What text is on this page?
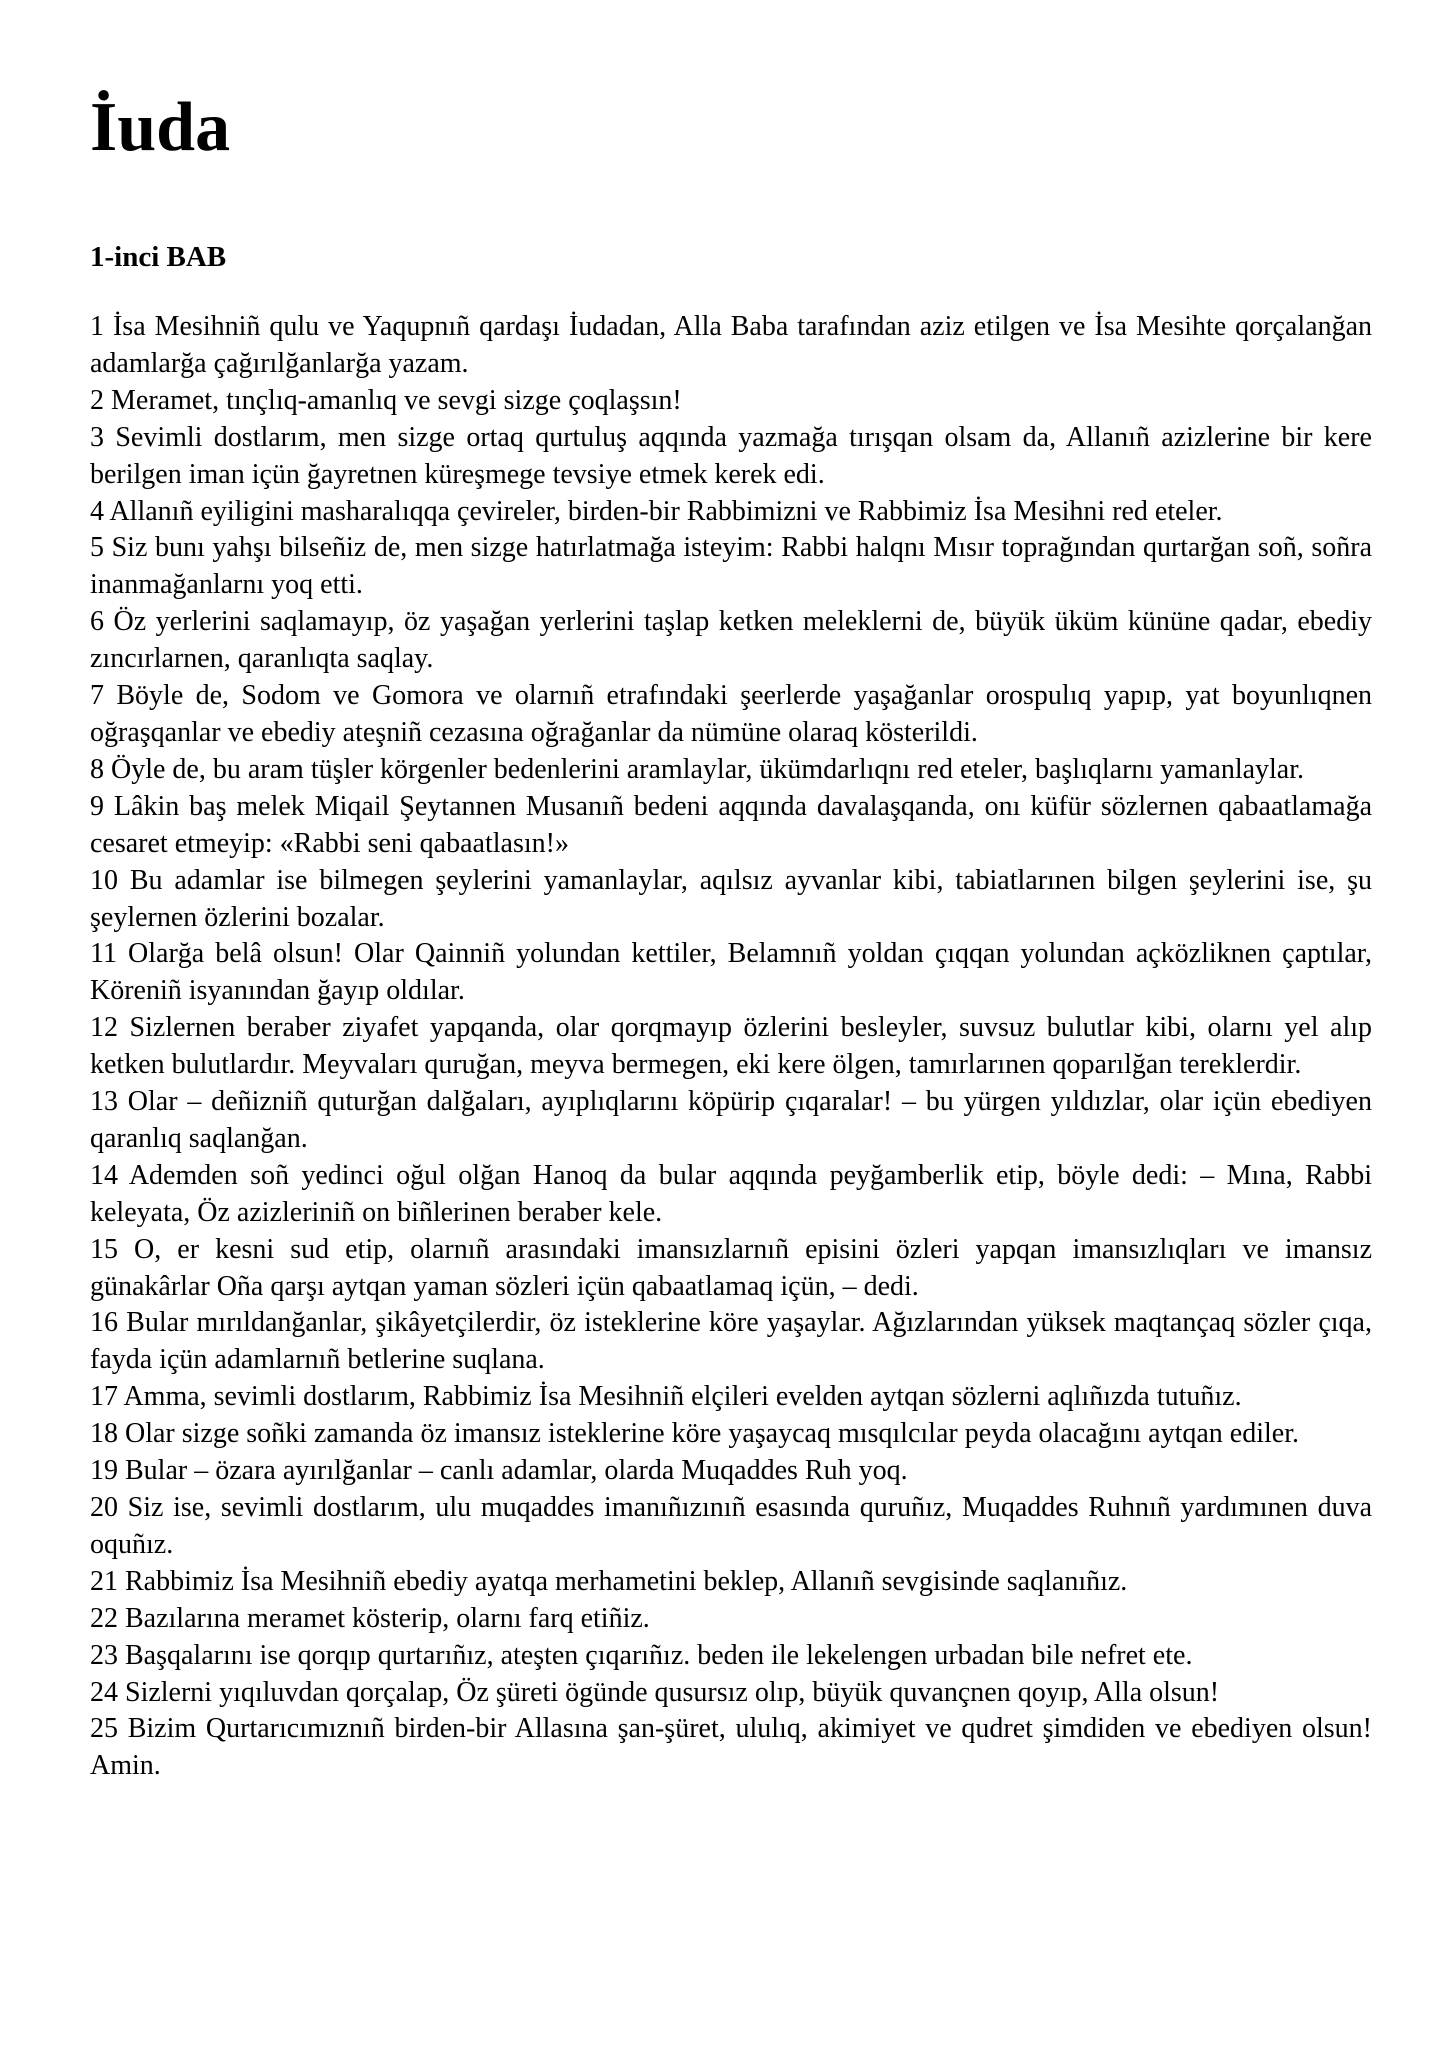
İuda
1-inci BAB

1 İsa Mesihniñ qulu ve Yaqupnıñ qardaşı İudadan, Alla Baba tarafından aziz etilgen ve İsa Mesihte qorçalanğan adamlarğa çağırılğanlarğa yazam.

2 Meramet, tınçlıq-amanlıq ve sevgi sizge çoqlaşsın!

3 Sevimli dostlarım, men sizge ortaq qurtuluş aqqında yazmağa tırışqan olsam da, Allanıñ azizlerine bir kere berilgen iman içün ğayretnen küreşmege tevsiye etmek kerek edi.

4 Allanıñ eyiligini masharalıqqa çevireler, birden-bir Rabbimizni ve Rabbimiz İsa Mesihni red eteler.

5 Siz bunı yahşı bilseñiz de, men sizge hatırlatmağa isteyim: Rabbi halqnı Mısır toprağından qurtarğan soñ, soñra inanmağanlarnı yoq etti.

6 Öz yerlerini saqlamayıp, öz yaşağan yerlerini taşlap ketken meleklerni de, büyük üküm kününe qadar, ebediy zıncırlarnen, qaranlıqta saqlay.

7 Böyle de, Sodom ve Gomora ve olarnıñ etrafındaki şeerlerde yaşağanlar orospulıq yapıp, yat boyunlıqnen oğraşqanlar ve ebediy ateşniñ cezasına oğrağanlar da nümüne olaraq kösterildi.

8 Öyle de, bu aram tüşler körgenler bedenlerini aramlaylar, ükümdarlıqnı red eteler, başlıqlarnı yamanlaylar.

9 Lâkin baş melek Miqail Şeytannen Musanıñ bedeni aqqında davalaşqanda, onı küfür sözlernen qabaatlamağa cesaret etmeyip: «Rabbi seni qabaatlasın!»

10 Bu adamlar ise bilmegen şeylerini yamanlaylar, aqılsız ayvanlar kibi, tabiatlarınen bilgen şeylerini ise, şu şeylernen özlerini bozalar.

11 Olarğa belâ olsun! Olar Qainniñ yolundan kettiler, Belamnıñ yoldan çıqqan yolundan açközliknen çaptılar, Köreniñ isyanından ğayıp oldılar.

12 Sizlernen beraber ziyafet yapqanda, olar qorqmayıp özlerini besleyler, suvsuz bulutlar kibi, olarnı yel alıp ketken bulutlardır. Meyvaları quruğan, meyva bermegen, eki kere ölgen, tamırlarınen qoparılğan tereklerdir.

13 Olar – deñizniñ quturğan dalğaları, ayıplıqlarını köpürip çıqaralar! – bu yürgen yıldızlar, olar içün ebediyen qaranlıq saqlanğan.

14 Ademden soñ yedinci oğul olğan Hanoq da bular aqqında peyğamberlik etip, böyle dedi: – Mına, Rabbi keleyata, Öz azizleriniñ on biñlerinen beraber kele.

15 O, er kesni sud etip, olarnıñ arasındaki imansızlarnıñ episini özleri yapqan imansızlıqları ve imansız günakârlar Oña qarşı aytqan yaman sözleri içün qabaatlamaq içün, – dedi.

16 Bular mırıldanğanlar, şikâyetçilerdir, öz isteklerine köre yaşaylar. Ağızlarından yüksek maqtançaq sözler çıqa, fayda içün adamlarnıñ betlerine suqlana.

17 Amma, sevimli dostlarım, Rabbimiz İsa Mesihniñ elçileri evelden aytqan sözlerni aqlıñızda tutuñız.

18 Olar sizge soñki zamanda öz imansız isteklerine köre yaşaycaq mısqılcılar peyda olacağını aytqan ediler.

19 Bular – özara ayırılğanlar – canlı adamlar, olarda Muqaddes Ruh yoq.

20 Siz ise, sevimli dostlarım, ulu muqaddes imanıñızınıñ esasında quruñız, Muqaddes Ruhnıñ yardımınen duva oquñız.

21 Rabbimiz İsa Mesihniñ ebediy ayatqa merhametini beklep, Allanıñ sevgisinde saqlanıñız.

22 Bazılarına meramet kösterip, olarnı farq etiñiz.

23 Başqalarını ise qorqıp qurtarıñız, ateşten çıqarıñız. beden ile lekelengen urbadan bile nefret ete.

24 Sizlerni yıqıluvdan qorçalap, Öz şüreti ögünde qusursız olıp, büyük quvançnen qoyıp, Alla olsun!

25 Bizim Qurtarıcımıznıñ birden-bir Allasına şan-şüret, ululıq, akimiyet ve qudret şimdiden ve ebediyen olsun! Amin.
